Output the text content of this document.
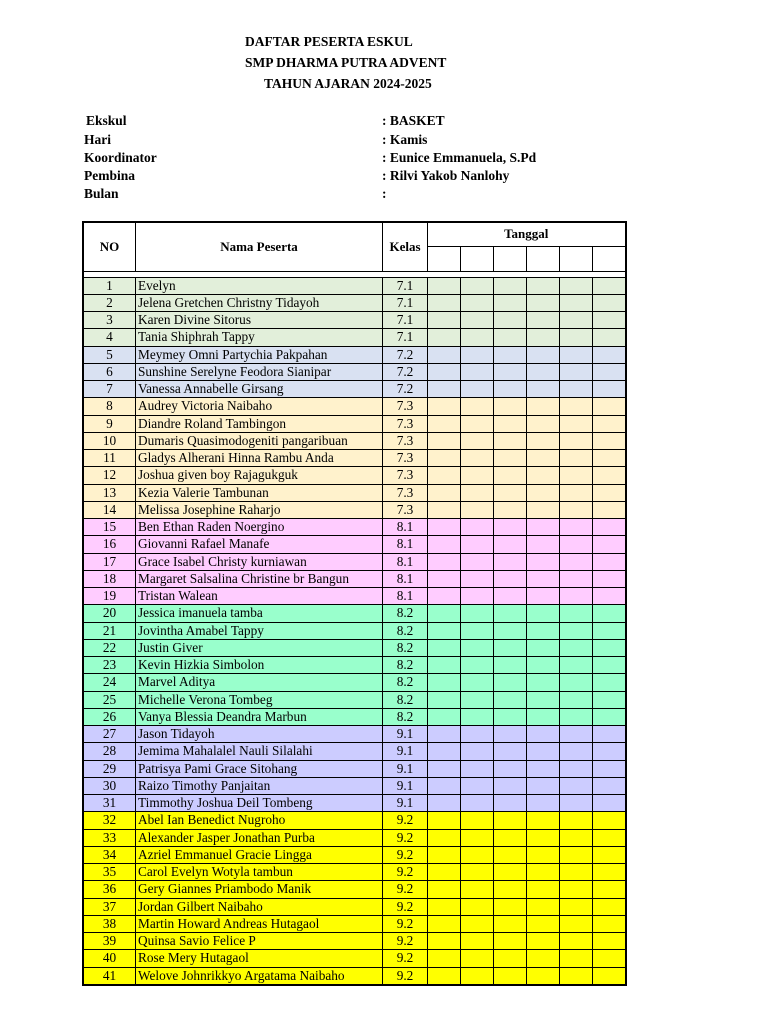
DAFTAR PESERTA ESKUL
SMP DHARMA PUTRA ADVENT
TAHUN AJARAN 2024-2025
Ekskul	: BASKET
Hari	: Kamis
Koordinator	: Eunice Emmanuela, S.Pd
Pembina	: Rilvi Yakob Nanlohy
Bulan	:
NO	Nama Peserta	Kelas	Tanggal					

1	Evelyn	7.1						
2	Jelena Gretchen Christny Tidayoh	7.1						
3	Karen Divine Sitorus	7.1						
4	Tania Shiphrah Tappy	7.1						
5	Meymey Omni Partychia Pakpahan	7.2						
6	Sunshine Serelyne Feodora Sianipar	7.2						
7	Vanessa Annabelle Girsang	7.2						
8	Audrey Victoria Naibaho	7.3						
9	Diandre Roland Tambingon	7.3						
10	Dumaris Quasimodogeniti pangaribuan	7.3						
11	Gladys Alherani Hinna Rambu Anda	7.3						
12	Joshua given boy Rajagukguk	7.3						
13	Kezia Valerie Tambunan	7.3						
14	Melissa Josephine Raharjo	7.3						
15	Ben Ethan Raden Noergino	8.1						
16	Giovanni Rafael Manafe	8.1						
17	Grace Isabel Christy kurniawan	8.1						
18	Margaret Salsalina Christine br Bangun	8.1						
19	Tristan Walean	8.1						
20	Jessica imanuela tamba	8.2						
21	Jovintha Amabel Tappy	8.2						
22	Justin Giver	8.2						
23	Kevin Hizkia Simbolon	8.2						
24	Marvel Aditya	8.2						
25	Michelle Verona Tombeg	8.2						
26	Vanya Blessia Deandra Marbun	8.2						
27	Jason Tidayoh	9.1						
28	Jemima Mahalalel Nauli Silalahi	9.1						
29	Patrisya Pami Grace Sitohang	9.1						
30	Raizo Timothy Panjaitan	9.1						
31	Timmothy Joshua Deil Tombeng	9.1						
32	Abel Ian Benedict Nugroho	9.2						
33	Alexander Jasper Jonathan Purba	9.2						
34	Azriel Emmanuel Gracie Lingga	9.2						
35	Carol Evelyn Wotyla tambun	9.2						
36	Gery Giannes Priambodo Manik	9.2						
37	Jordan Gilbert Naibaho	9.2						
38	Martin Howard Andreas Hutagaol	9.2						
39	Quinsa Savio Felice P	9.2						
40	Rose Mery Hutagaol	9.2						
41	Welove Johnrikkyo Argatama Naibaho	9.2						
